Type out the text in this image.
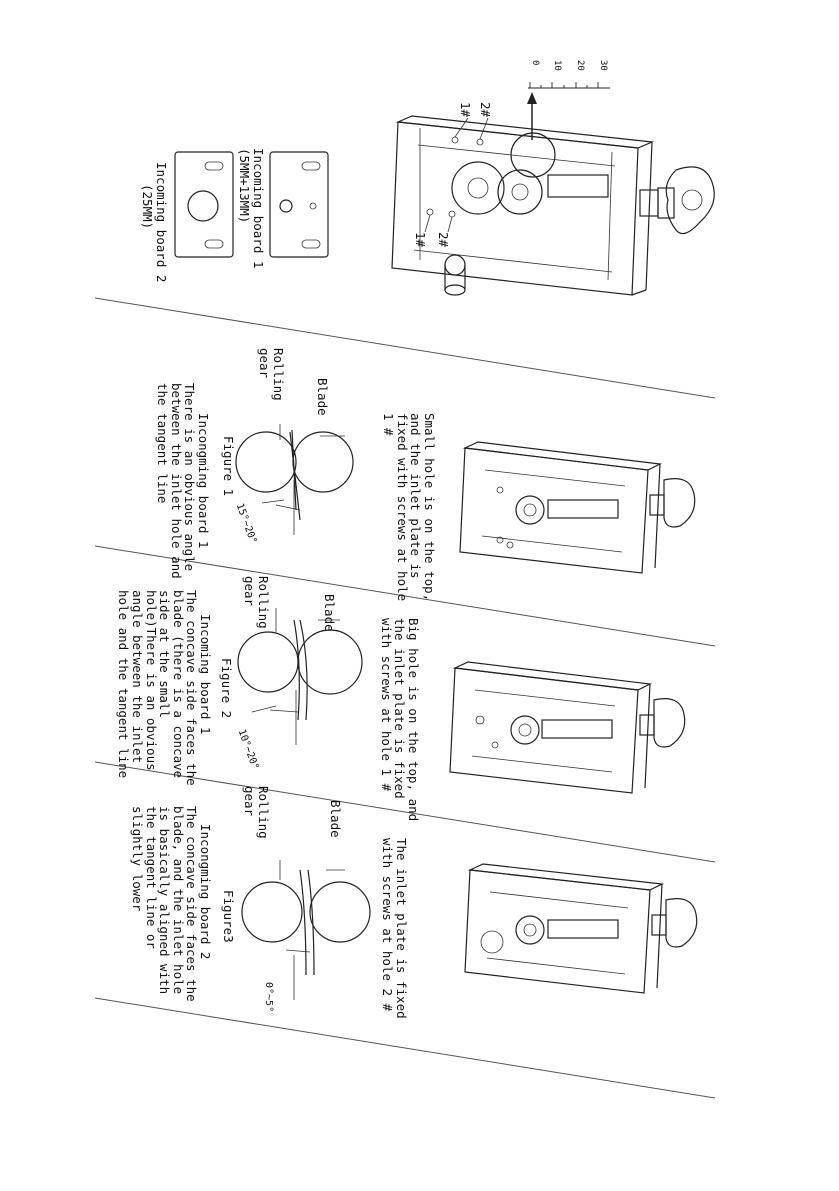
1# 2#
1# 2#
0 10 20 30
Incoming board 1
(5MM+13MM)
Incoming board 2
(25MM)
Small hole is on the top,
and the inlet plate is
fixed with screws at hole
1 #
Blade
Rolling
gear
Figure 1
15°~20°
Incongming board 1
There is an obvious angle
between the inlet hole and
the tangent line
Big hole is on the top, and
the inlet plate is fixed
with screws at hole 1 #
Blade
Rolling
gear
Figure 2
10°~20°
Incoming board 1
The concave side faces the
blade (there is a concave
side at the small
hole)There is an obvious
angle between the inlet
hole and the tangent line
The inlet plate is fixed
with screws at hole 2 #
Blade
Rolling
gear
Figure3
0°~5°
Incongming board 2
The concave side faces the
blade, and the inlet hole
is basically aligned with
the tangent line or
slightly lower
